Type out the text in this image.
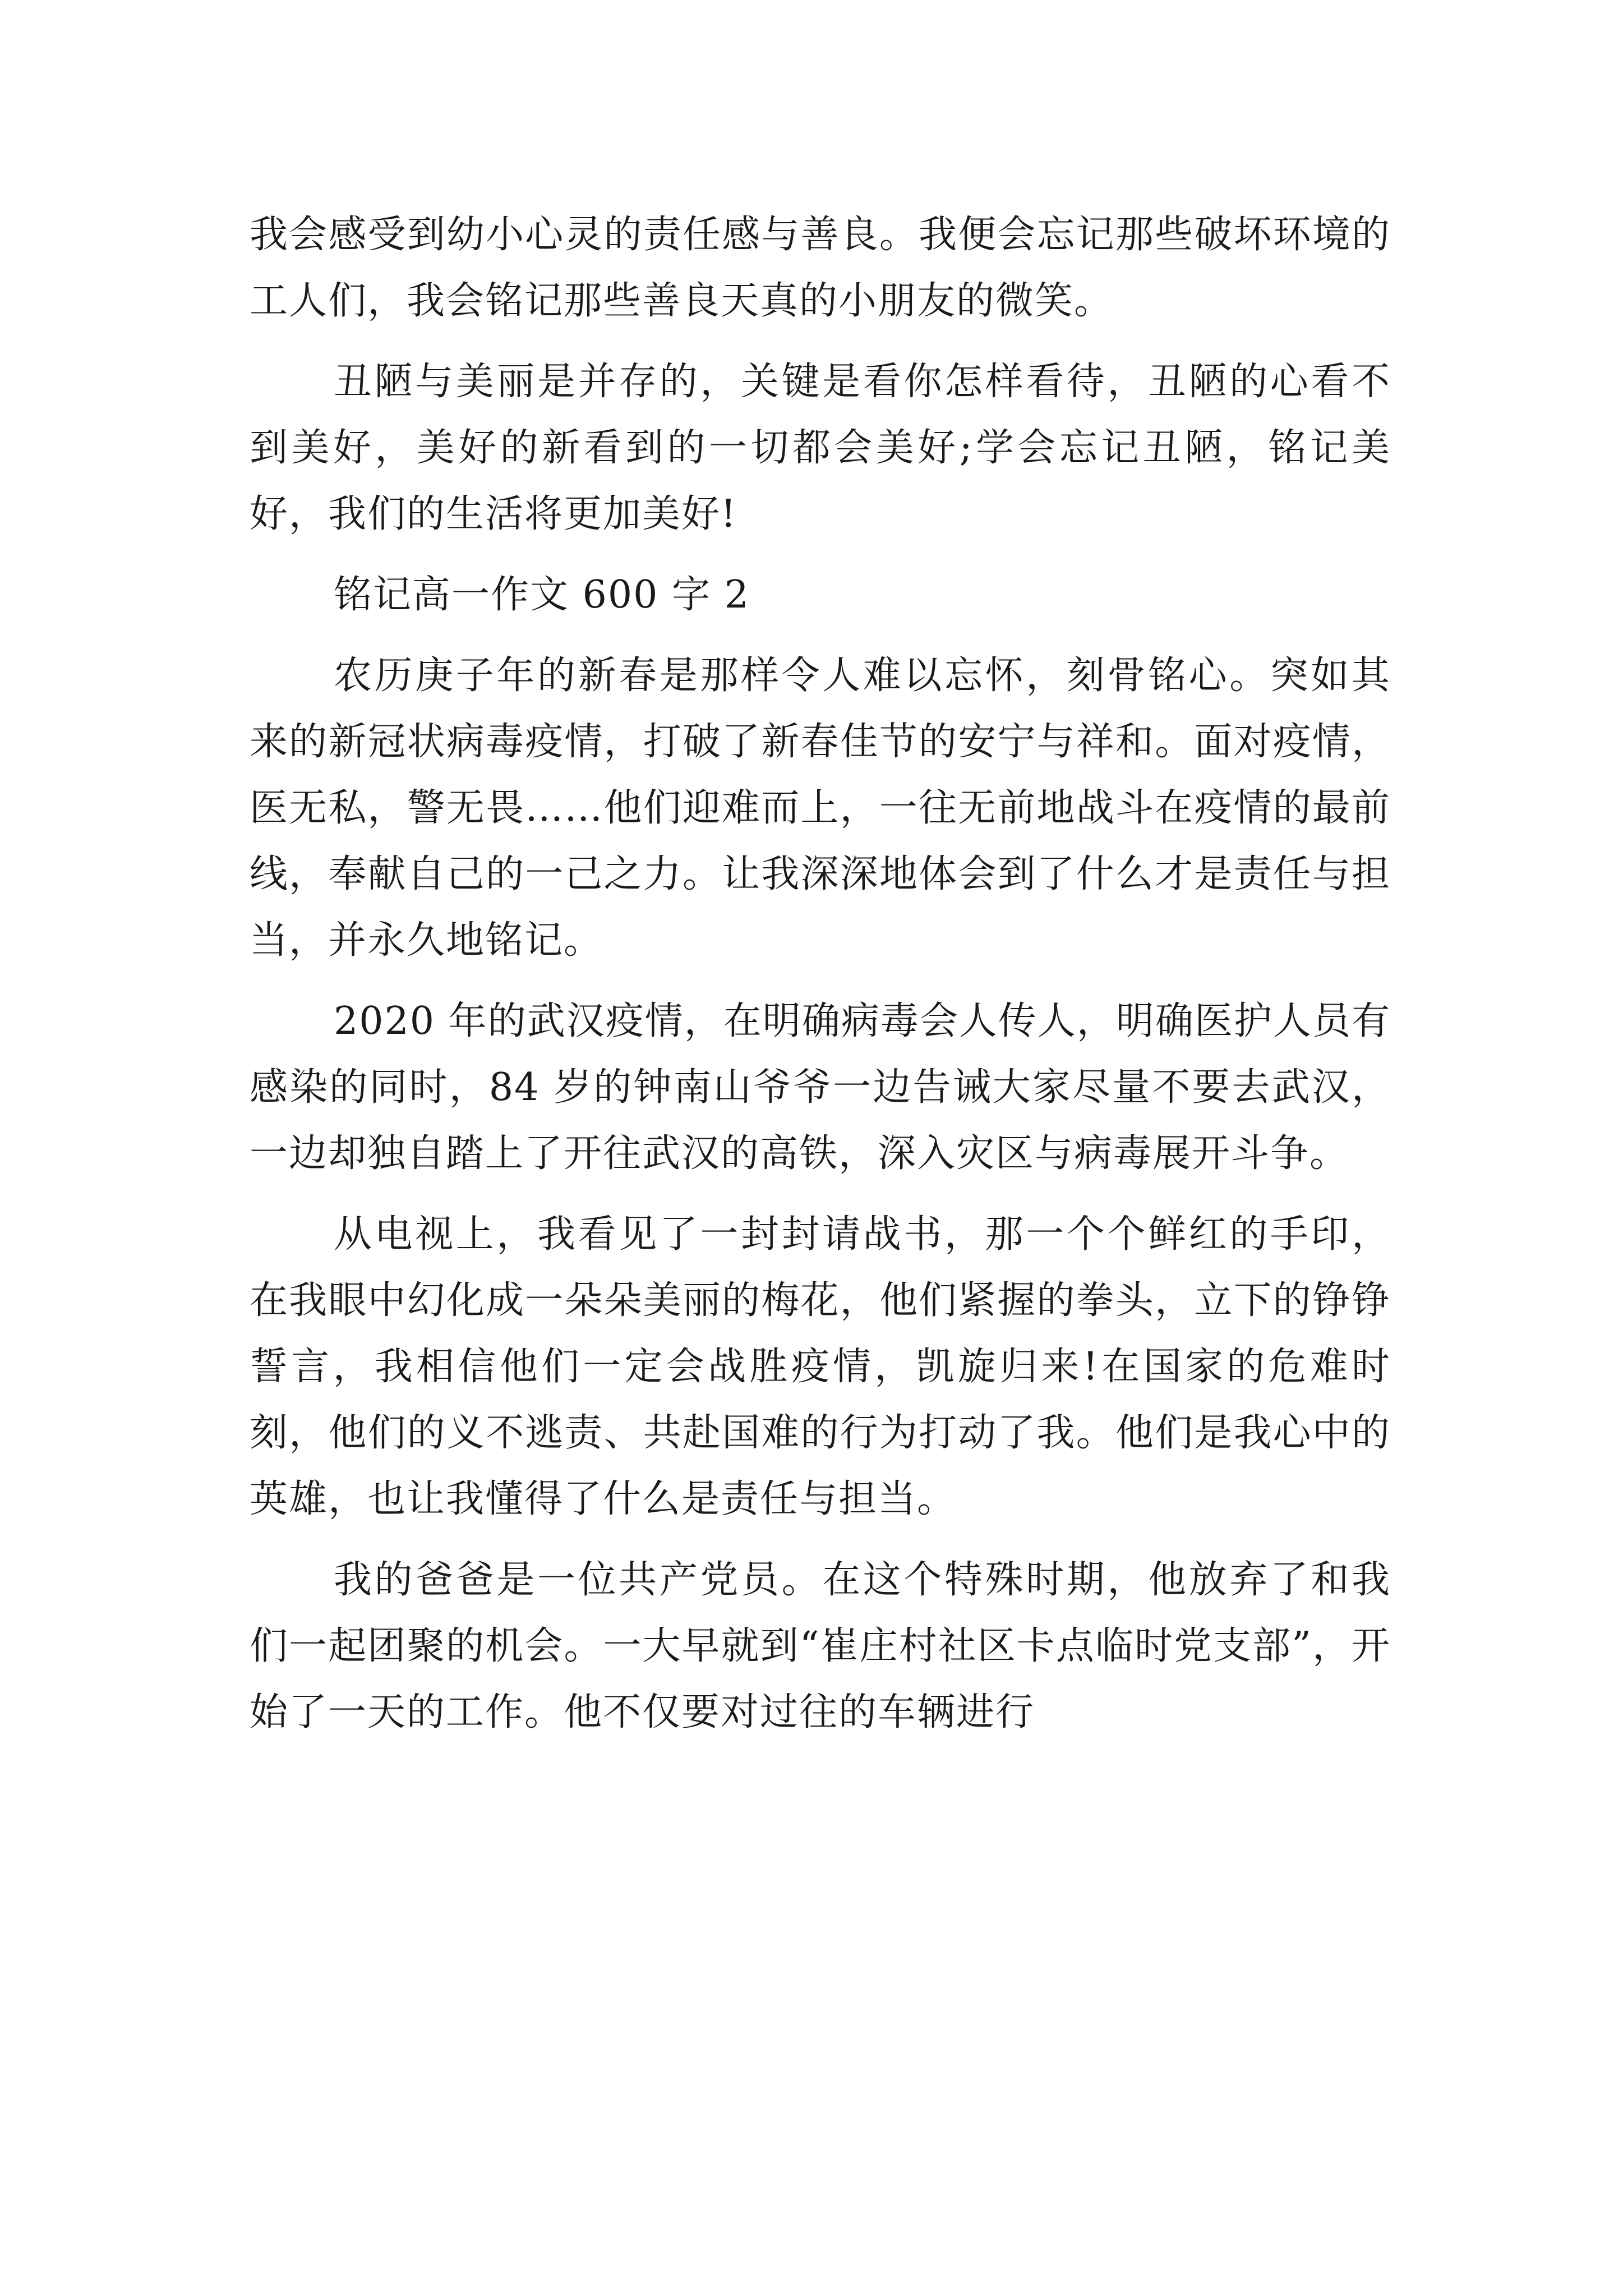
我会感受到幼小心灵的责任感与善良。我便会忘记那些破坏环境的工人们，我会铭记那些善良天真的小朋友的微笑。

丑陋与美丽是并存的，关键是看你怎样看待，丑陋的心看不到美好，美好的新看到的一切都会美好;学会忘记丑陋，铭记美好，我们的生活将更加美好!

铭记高一作文 600 字 2

农历庚子年的新春是那样令人难以忘怀，刻骨铭心。突如其来的新冠状病毒疫情，打破了新春佳节的安宁与祥和。面对疫情，医无私，警无畏……他们迎难而上，一往无前地战斗在疫情的最前线，奉献自己的一己之力。让我深深地体会到了什么才是责任与担当，并永久地铭记。

2020 年的武汉疫情，在明确病毒会人传人，明确医护人员有感染的同时，84 岁的钟南山爷爷一边告诫大家尽量不要去武汉，一边却独自踏上了开往武汉的高铁，深入灾区与病毒展开斗争。

从电视上，我看见了一封封请战书，那一个个鲜红的手印，在我眼中幻化成一朵朵美丽的梅花，他们紧握的拳头，立下的铮铮誓言，我相信他们一定会战胜疫情，凯旋归来!在国家的危难时刻，他们的义不逃责、共赴国难的行为打动了我。他们是我心中的英雄，也让我懂得了什么是责任与担当。

我的爸爸是一位共产党员。在这个特殊时期，他放弃了和我们一起团聚的机会。一大早就到“崔庄村社区卡点临时党支部”，开始了一天的工作。他不仅要对过往的车辆进行
